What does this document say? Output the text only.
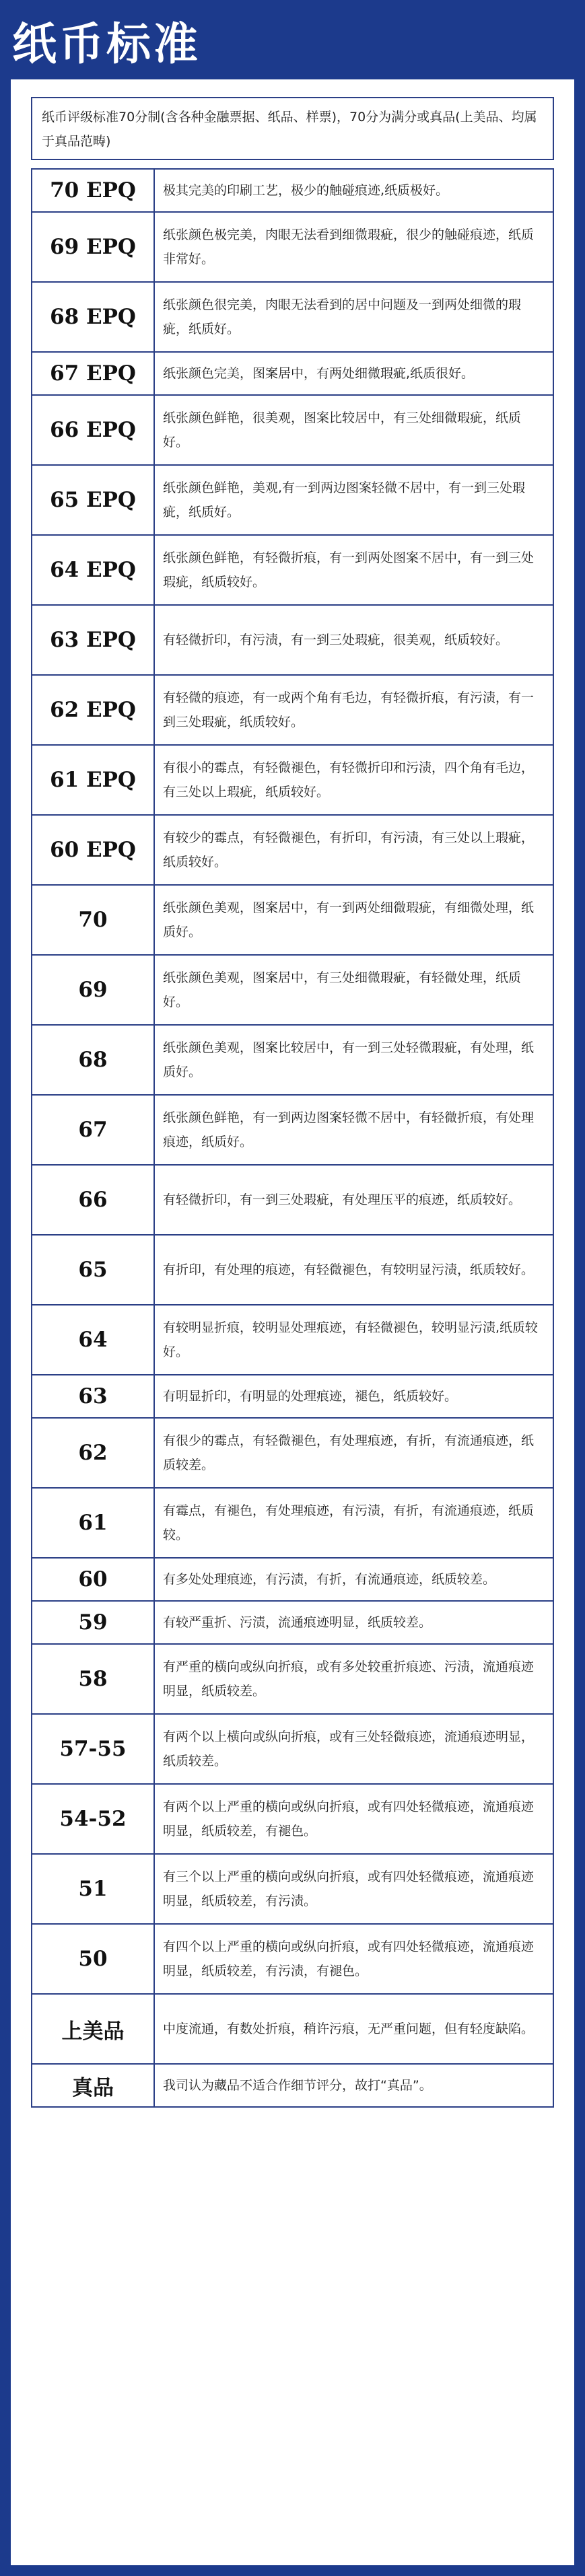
纸币标准
纸币评级标准70分制(含各种金融票据、纸品、样票)，70分为满分或真品(上美品、均属于真品范畴)
70 EPQ	极其完美的印刷工艺，极少的触碰痕迹,纸质极好。
69 EPQ	纸张颜色极完美，肉眼无法看到细微瑕疵，很少的触碰痕迹，纸质非常好。
68 EPQ	纸张颜色很完美，肉眼无法看到的居中问题及一到两处细微的瑕疵，纸质好。
67 EPQ	纸张颜色完美，图案居中，有两处细微瑕疵,纸质很好。
66 EPQ	纸张颜色鲜艳，很美观，图案比较居中，有三处细微瑕疵，纸质好。
65 EPQ	纸张颜色鲜艳，美观,有一到两边图案轻微不居中，有一到三处瑕疵，纸质好。
64 EPQ	纸张颜色鲜艳，有轻微折痕，有一到两处图案不居中，有一到三处瑕疵，纸质较好。
63 EPQ	有轻微折印，有污渍，有一到三处瑕疵，很美观，纸质较好。
62 EPQ	有轻微的痕迹，有一或两个角有毛边，有轻微折痕，有污渍，有一到三处瑕疵，纸质较好。
61 EPQ	有很小的霉点，有轻微褪色，有轻微折印和污渍，四个角有毛边，有三处以上瑕疵，纸质较好。
60 EPQ	有较少的霉点，有轻微褪色，有折印，有污渍，有三处以上瑕疵，纸质较好。
70	纸张颜色美观，图案居中，有一到两处细微瑕疵，有细微处理，纸质好。
69	纸张颜色美观，图案居中，有三处细微瑕疵，有轻微处理，纸质好。
68	纸张颜色美观，图案比较居中，有一到三处轻微瑕疵，有处理，纸质好。
67	纸张颜色鲜艳，有一到两边图案轻微不居中，有轻微折痕，有处理痕迹，纸质好。
66	有轻微折印，有一到三处瑕疵，有处理压平的痕迹，纸质较好。
65	有折印，有处理的痕迹，有轻微褪色，有较明显污渍，纸质较好。
64	有较明显折痕，较明显处理痕迹，有轻微褪色，较明显污渍,纸质较好。
63	有明显折印，有明显的处理痕迹，褪色，纸质较好。
62	有很少的霉点，有轻微褪色，有处理痕迹，有折，有流通痕迹，纸质较差。
61	有霉点，有褪色，有处理痕迹，有污渍，有折，有流通痕迹，纸质较。
60	有多处处理痕迹，有污渍，有折，有流通痕迹，纸质较差。
59	有较严重折、污渍，流通痕迹明显，纸质较差。
58	有严重的横向或纵向折痕，或有多处较重折痕迹、污渍，流通痕迹明显，纸质较差。
57-55	有两个以上横向或纵向折痕，或有三处轻微痕迹，流通痕迹明显，纸质较差。
54-52	有两个以上严重的横向或纵向折痕，或有四处轻微痕迹，流通痕迹明显，纸质较差，有褪色。
51	有三个以上严重的横向或纵向折痕，或有四处轻微痕迹，流通痕迹明显，纸质较差，有污渍。
50	有四个以上严重的横向或纵向折痕，或有四处轻微痕迹，流通痕迹明显，纸质较差，有污渍，有褪色。
上美品	中度流通，有数处折痕，稍许污痕，无严重问题，但有轻度缺陷。
真品	我司认为藏品不适合作细节评分，故打“真品”。
